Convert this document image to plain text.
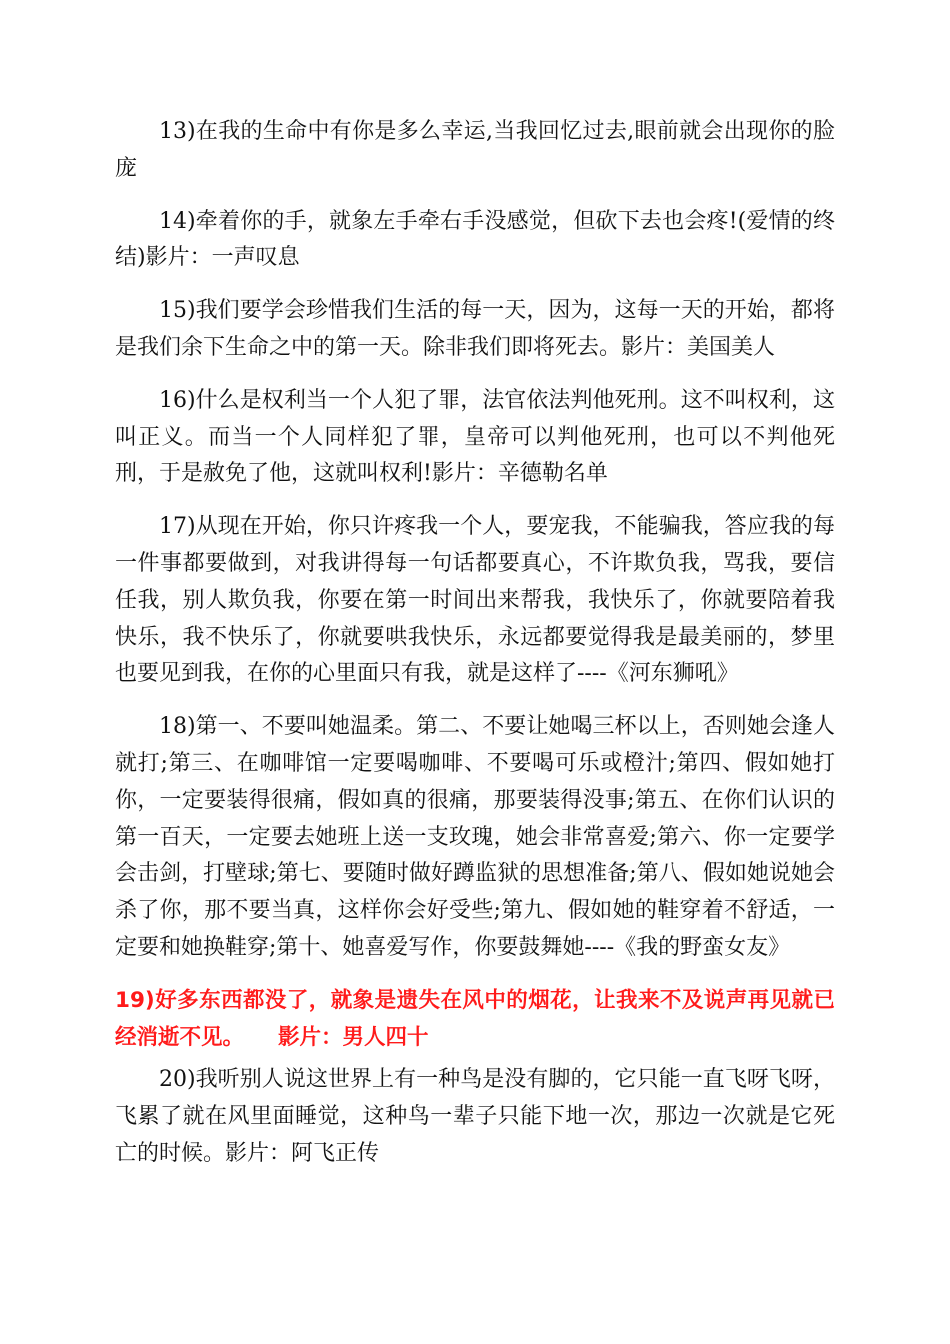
13)在我的生命中有你是多么幸运,当我回忆过去,眼前就会出现你的脸庞

14)牵着你的手，就象左手牵右手没感觉，但砍下去也会疼!(爱情的终结)影片：一声叹息

15)我们要学会珍惜我们生活的每一天，因为，这每一天的开始，都将是我们余下生命之中的第一天。除非我们即将死去。影片：美国美人

16)什么是权利当一个人犯了罪，法官依法判他死刑。这不叫权利，这叫正义。而当一个人同样犯了罪，皇帝可以判他死刑，也可以不判他死刑，于是赦免了他，这就叫权利!影片：辛德勒名单

17)从现在开始，你只许疼我一个人，要宠我，不能骗我，答应我的每一件事都要做到，对我讲得每一句话都要真心，不许欺负我，骂我，要信任我，别人欺负我，你要在第一时间出来帮我，我快乐了，你就要陪着我快乐，我不快乐了，你就要哄我快乐，永远都要觉得我是最美丽的，梦里也要见到我，在你的心里面只有我，就是这样了----《河东狮吼》

18)第一、不要叫她温柔。第二、不要让她喝三杯以上，否则她会逢人就打;第三、在咖啡馆一定要喝咖啡、不要喝可乐或橙汁;第四、假如她打你，一定要装得很痛，假如真的很痛，那要装得没事;第五、在你们认识的第一百天，一定要去她班上送一支玫瑰，她会非常喜爱;第六、你一定要学会击剑，打壁球;第七、要随时做好蹲监狱的思想准备;第八、假如她说她会杀了你，那不要当真，这样你会好受些;第九、假如她的鞋穿着不舒适，一定要和她换鞋穿;第十、她喜爱写作，你要鼓舞她----《我的野蛮女友》

19)好多东西都没了，就象是遗失在风中的烟花，让我来不及说声再见就已经消逝不见。 影片：男人四十

20)我听别人说这世界上有一种鸟是没有脚的，它只能一直飞呀飞呀，飞累了就在风里面睡觉，这种鸟一辈子只能下地一次，那边一次就是它死亡的时候。影片：阿飞正传
